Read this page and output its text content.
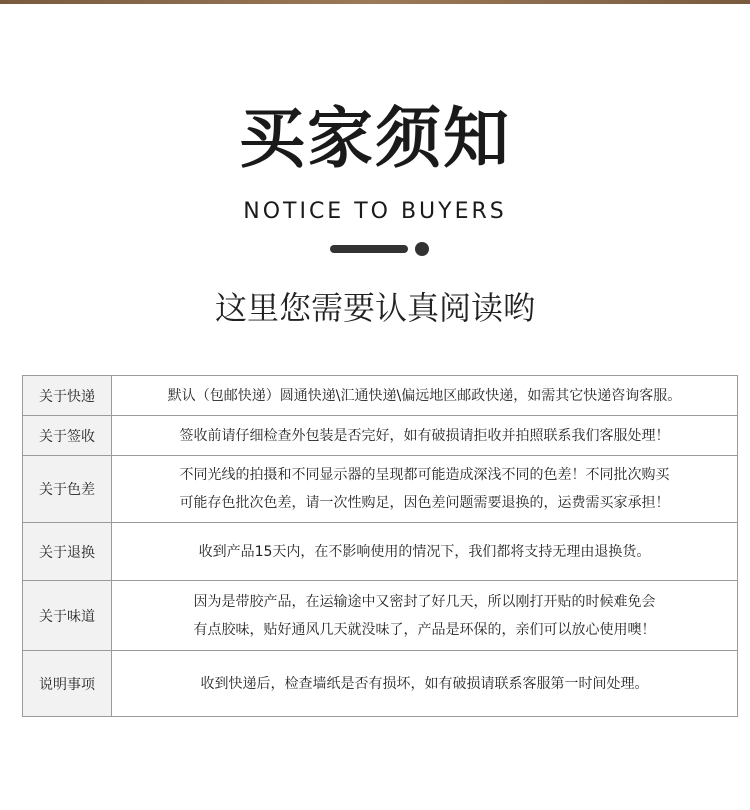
买家须知
NOTICE TO BUYERS
这里您需要认真阅读哟
关于快递	默认（包邮快递）圆通快递\汇通快递\偏远地区邮政快递，如需其它快递咨询客服。

关于签收	签收前请仔细检查外包装是否完好，如有破损请拒收并拍照联系我们客服处理！

关于色差	不同光线的拍摄和不同显示器的呈现都可能造成深浅不同的色差！不同批次购买
可能存色批次色差，请一次性购足，因色差问题需要退换的，运费需买家承担！

关于退换	收到产品15天内，在不影响使用的情况下，我们都将支持无理由退换货。

关于味道	因为是带胶产品，在运输途中又密封了好几天，所以刚打开贴的时候难免会
有点胶味，贴好通风几天就没味了，产品是环保的，亲们可以放心使用噢！

说明事项	收到快递后，检查墙纸是否有损坏，如有破损请联系客服第一时间处理。
